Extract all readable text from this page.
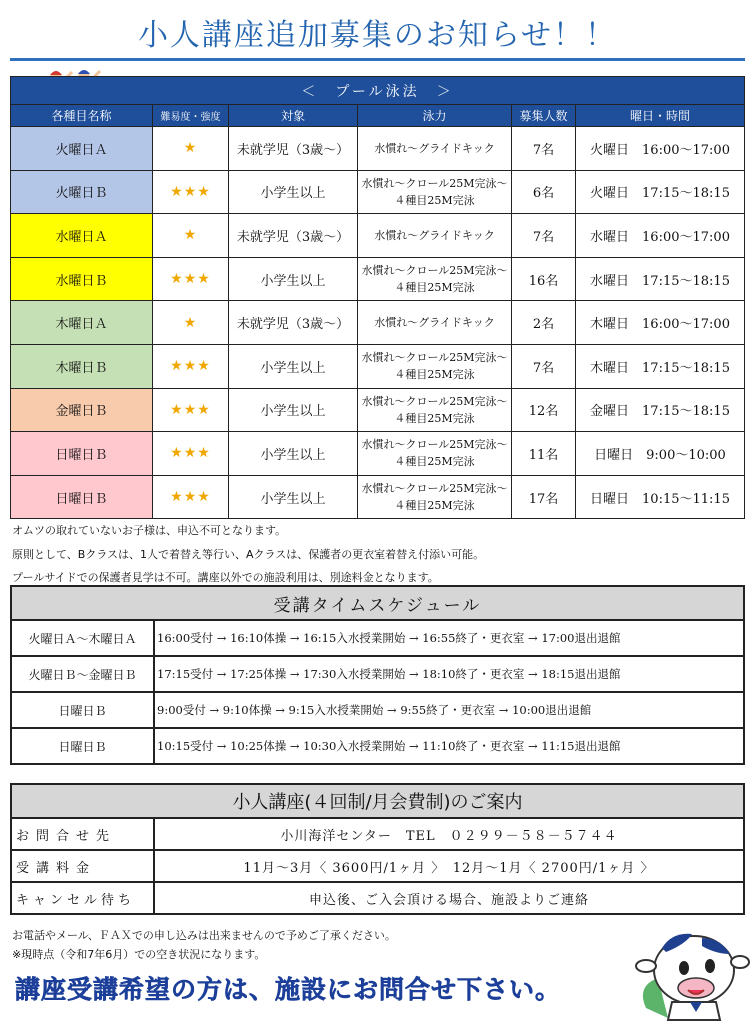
小人講座追加募集のお知らせ！！
＜　プール泳法　＞					
各種目名称	難易度・強度	対象	泳力	募集人数	曜日・時間
火曜日Ａ	★	未就学児（3歳～）	水慣れ～グライドキック	7名	火曜日　16:00～17:00
火曜日Ｂ	★★★	小学生以上	水慣れ～クロール25M完泳～
４種目25M完泳	6名	火曜日　17:15～18:15
水曜日Ａ	★	未就学児（3歳～）	水慣れ～グライドキック	7名	水曜日　16:00～17:00
水曜日Ｂ	★★★	小学生以上	水慣れ～クロール25M完泳～
４種目25M完泳	16名	水曜日　17:15～18:15
木曜日Ａ	★	未就学児（3歳～）	水慣れ～グライドキック	2名	木曜日　16:00～17:00
木曜日Ｂ	★★★	小学生以上	水慣れ～クロール25M完泳～
４種目25M完泳	7名	木曜日　17:15～18:15
金曜日Ｂ	★★★	小学生以上	水慣れ～クロール25M完泳～
４種目25M完泳	12名	金曜日　17:15～18:15
日曜日Ｂ	★★★	小学生以上	水慣れ～クロール25M完泳～
４種目25M完泳	11名	日曜日　9:00～10:00
日曜日Ｂ	★★★	小学生以上	水慣れ～クロール25M完泳～
４種目25M完泳	17名	日曜日　10:15～11:15
オムツの取れていないお子様は、申込不可となります。
原則として、Bクラスは、1人で着替え等行い、Aクラスは、保護者の更衣室着替え付添い可能。
プールサイドでの保護者見学は不可。講座以外での施設利用は、別途料金となります。
受講タイムスケジュール	
火曜日Ａ～木曜日Ａ	16:00受付 → 16:10体操 → 16:15入水授業開始 → 16:55終了・更衣室 → 17:00退出退館
火曜日Ｂ～金曜日Ｂ	17:15受付 → 17:25体操 → 17:30入水授業開始 → 18:10終了・更衣室 → 18:15退出退館
日曜日Ｂ	9:00受付 → 9:10体操 → 9:15入水授業開始 → 9:55終了・更衣室 → 10:00退出退館
日曜日Ｂ	10:15受付 → 10:25体操 → 10:30入水授業開始 → 11:10終了・更衣室 → 11:15退出退館
小人講座(４回制/月会費制)のご案内	
お問合せ先	小川海洋センター　TEL　０２９９－５８－５７４４
受講料金	11月～3月〈 3600円/1ヶ月 〉　12月～1月〈 2700円/1ヶ月 〉
キャンセル待ち	申込後、ご入会頂ける場合、施設よりご連絡
お電話やメール、ＦＡＸでの申し込みは出来ませんので予めご了承ください。
※現時点（令和7年6月）での空き状況になります。
講座受講希望の方は、施設にお問合せ下さい。
